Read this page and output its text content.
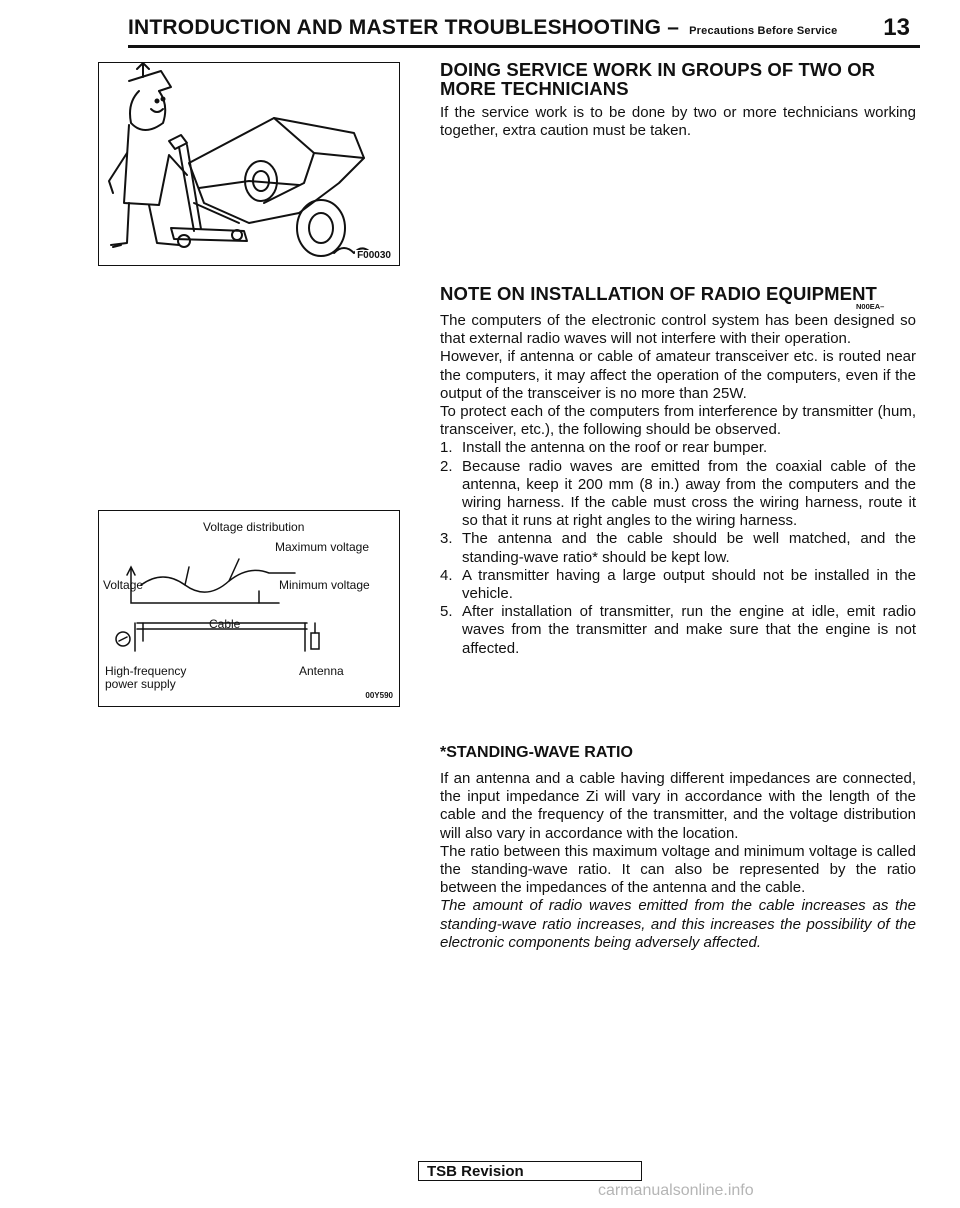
INTRODUCTION AND MASTER TROUBLESHOOTING – Precautions Before Service 13
F00030
Voltage distribution
Maximum voltage
Voltage	Minimum voltage
Cable
High-frequency power supply
Antenna
00Y590
DOING SERVICE WORK IN GROUPS OF TWO OR MORE TECHNICIANS

If the service work is to be done by two or more technicians working together, extra caution must be taken.

NOTE ON INSTALLATION OF RADIO EQUIPMENT
N00EA–

The computers of the electronic control system has been designed so that external radio waves will not interfere with their operation.

However, if antenna or cable of amateur transceiver etc. is routed near the computers, it may affect the operation of the computers, even if the output of the transceiver is no more than 25W.

To protect each of the computers from interference by transmitter (hum, transceiver, etc.), the following should be observed.

1. Install the antenna on the roof or rear bumper.
2. Because radio waves are emitted from the coaxial cable of the antenna, keep it 200 mm (8 in.) away from the computers and the wiring harness. If the cable must cross the wiring harness, route it so that it runs at right angles to the wiring harness.
3. The antenna and the cable should be well matched, and the standing-wave ratio* should be kept low.
4. A transmitter having a large output should not be installed in the vehicle.
5. After installation of transmitter, run the engine at idle, emit radio waves from the transmitter and make sure that the engine is not affected.
*STANDING-WAVE RATIO

If an antenna and a cable having different impedances are connected, the input impedance Zi will vary in accordance with the length of the cable and the frequency of the transmitter, and the voltage distribution will also vary in accordance with the location.

The ratio between this maximum voltage and minimum voltage is called the standing-wave ratio. It can also be represented by the ratio between the impedances of the antenna and the cable.

The amount of radio waves emitted from the cable increases as the standing-wave ratio increases, and this increases the possibility of the electronic components being adversely affected.

TSB Revision
carmanualsonline.info
